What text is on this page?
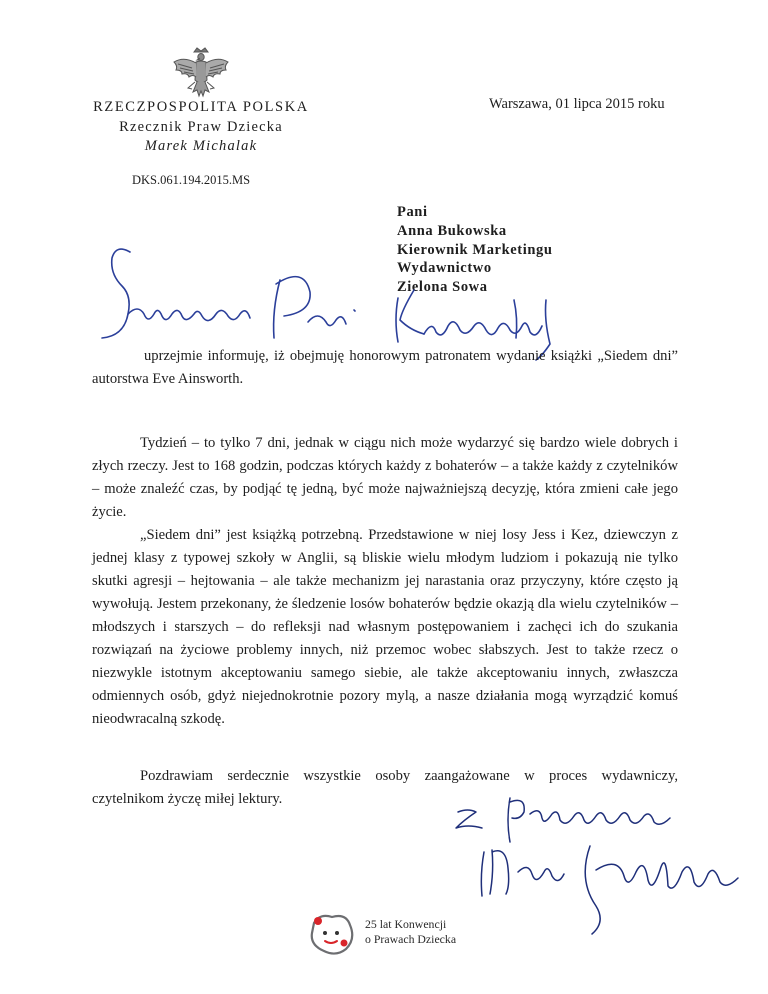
RZECZPOSPOLITA POLSKA
Rzecznik Praw Dziecka
Marek Michalak
Warszawa, 01 lipca 2015 roku
DKS.061.194.2015.MS
Pani
Anna Bukowska
Kierownik Marketingu
Wydawnictwo
Zielona Sowa
uprzejmie informuję, iż obejmuję honorowym patronatem wydanie książki „Siedem dni” autorstwa Eve Ainsworth.
Tydzień – to tylko 7 dni, jednak w ciągu nich może wydarzyć się bardzo wiele dobrych i złych rzeczy. Jest to 168 godzin, podczas których każdy z bohaterów – a także każdy z czytelników – może znaleźć czas, by podjąć tę jedną, być może najważniejszą decyzję, która zmieni całe jego życie.
„Siedem dni” jest książką potrzebną. Przedstawione w niej losy Jess i Kez, dziewczyn z jednej klasy z typowej szkoły w Anglii, są bliskie wielu młodym ludziom i pokazują nie tylko skutki agresji – hejtowania – ale także mechanizm jej narastania oraz przyczyny, które często ją wywołują. Jestem przekonany, że śledzenie losów bohaterów będzie okazją dla wielu czytelników – młodszych i starszych – do refleksji nad własnym postępowaniem i zachęci ich do szukania rozwiązań na życiowe problemy innych, niż przemoc wobec słabszych. Jest to także rzecz o niezwykle istotnym akceptowaniu samego siebie, ale także akceptowaniu innych, zwłaszcza odmiennych osób, gdyż niejednokrotnie pozory mylą, a nasze działania mogą wyrządzić komuś nieodwracalną szkodę.
Pozdrawiam serdecznie wszystkie osoby zaangażowane w proces wydawniczy, czytelnikom życzę miłej lektury.
25 lat Konwencji
o Prawach Dziecka
